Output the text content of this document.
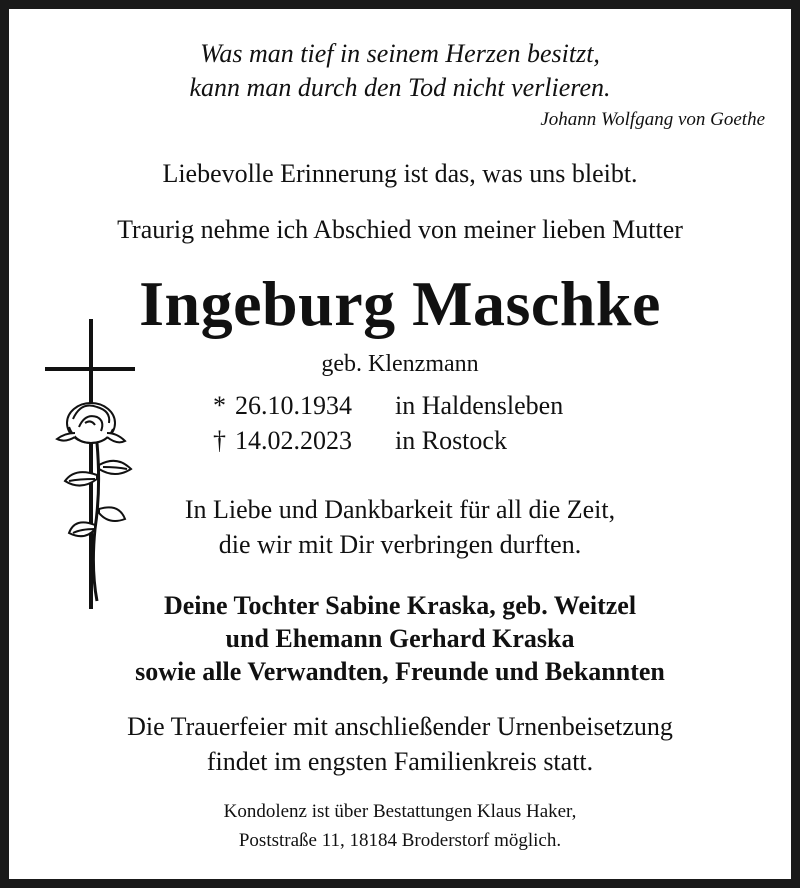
Was man tief in seinem Herzen besitzt,
kann man durch den Tod nicht verlieren.
Johann Wolfgang von Goethe
Liebevolle Erinnerung ist das, was uns bleibt.
Traurig nehme ich Abschied von meiner lieben Mutter
Ingeburg Maschke
geb. Klenzmann
* 26.10.1934 in Haldensleben
† 14.02.2023 in Rostock
In Liebe und Dankbarkeit für all die Zeit,
die wir mit Dir verbringen durften.
Deine Tochter Sabine Kraska, geb. Weitzel
und Ehemann Gerhard Kraska
sowie alle Verwandten, Freunde und Bekannten
Die Trauerfeier mit anschließender Urnenbeisetzung
findet im engsten Familienkreis statt.
Kondolenz ist über Bestattungen Klaus Haker,
Poststraße 11, 18184 Broderstorf möglich.
